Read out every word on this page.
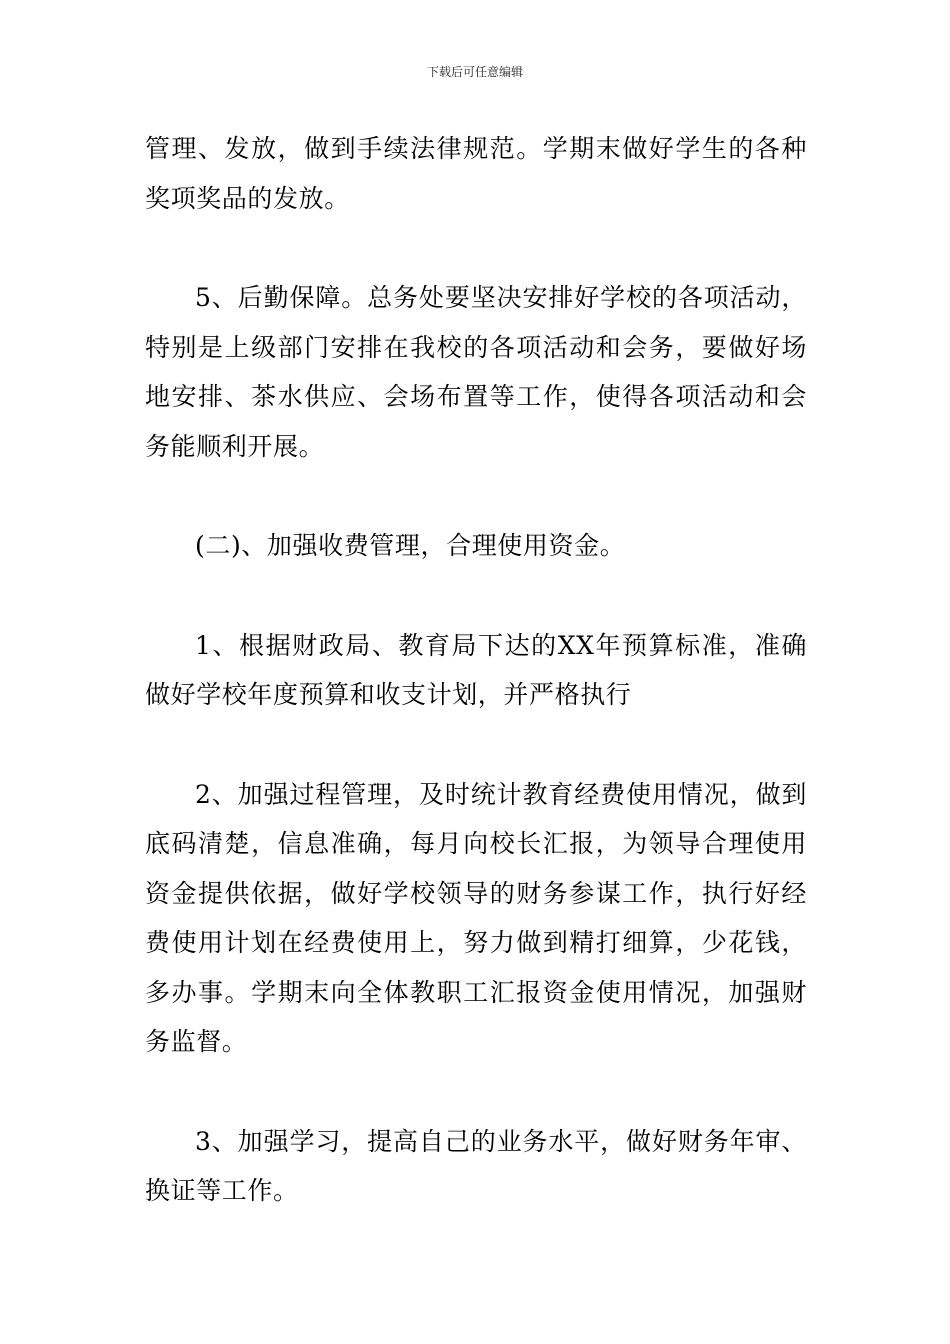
下载后可任意编辑

管理、发放，做到手续法律规范。学期末做好学生的各种奖项奖品的发放。

5、后勤保障。总务处要坚决安排好学校的各项活动，特别是上级部门安排在我校的各项活动和会务，要做好场地安排、茶水供应、会场布置等工作，使得各项活动和会务能顺利开展。

(二)、加强收费管理，合理使用资金。

1、根据财政局、教育局下达的XX年预算标准，准确做好学校年度预算和收支计划，并严格执行

2、加强过程管理，及时统计教育经费使用情况，做到底码清楚，信息准确，每月向校长汇报，为领导合理使用资金提供依据，做好学校领导的财务参谋工作，执行好经费使用计划在经费使用上，努力做到精打细算，少花钱，多办事。学期末向全体教职工汇报资金使用情况，加强财务监督。

3、加强学习，提高自己的业务水平，做好财务年审、换证等工作。
